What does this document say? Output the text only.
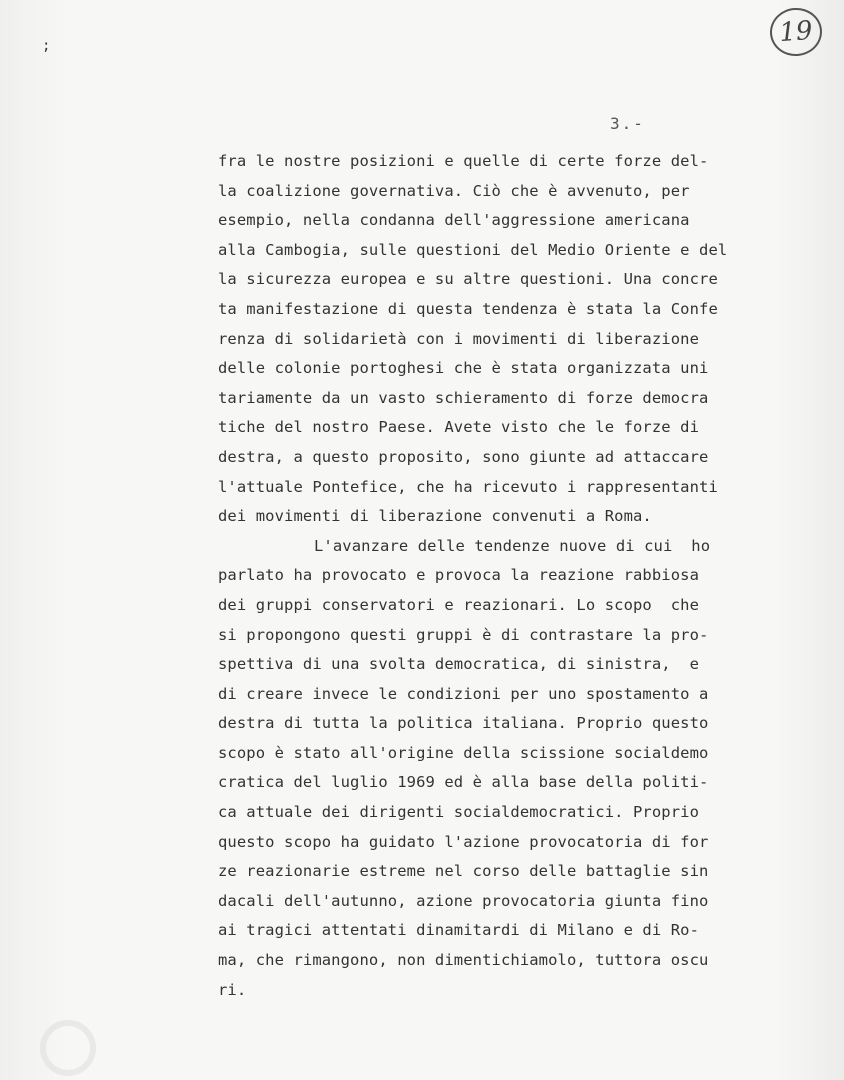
19
;
3.-
fra le nostre posizioni e quelle di certe forze del-
la coalizione governativa. Ciò che è avvenuto, per
esempio, nella condanna dell'aggressione americana
alla Cambogia, sulle questioni del Medio Oriente e del
la sicurezza europea e su altre questioni. Una concre
ta manifestazione di questa tendenza è stata la Confe
renza di solidarietà con i movimenti di liberazione
delle colonie portoghesi che è stata organizzata uni
tariamente da un vasto schieramento di forze democra
tiche del nostro Paese. Avete visto che le forze di
destra, a questo proposito, sono giunte ad attaccare
l'attuale Pontefice, che ha ricevuto i rappresentanti
dei movimenti di liberazione convenuti a Roma.
L'avanzare delle tendenze nuove di cui  ho
parlato ha provocato e provoca la reazione rabbiosa
dei gruppi conservatori e reazionari. Lo scopo  che
si propongono questi gruppi è di contrastare la pro-
spettiva di una svolta democratica, di sinistra,  e
di creare invece le condizioni per uno spostamento a
destra di tutta la politica italiana. Proprio questo
scopo è stato all'origine della scissione socialdemo
cratica del luglio 1969 ed è alla base della politi-
ca attuale dei dirigenti socialdemocratici. Proprio
questo scopo ha guidato l'azione provocatoria di for
ze reazionarie estreme nel corso delle battaglie sin
dacali dell'autunno, azione provocatoria giunta fino
ai tragici attentati dinamitardi di Milano e di Ro-
ma, che rimangono, non dimentichiamolo, tuttora oscu
ri.
